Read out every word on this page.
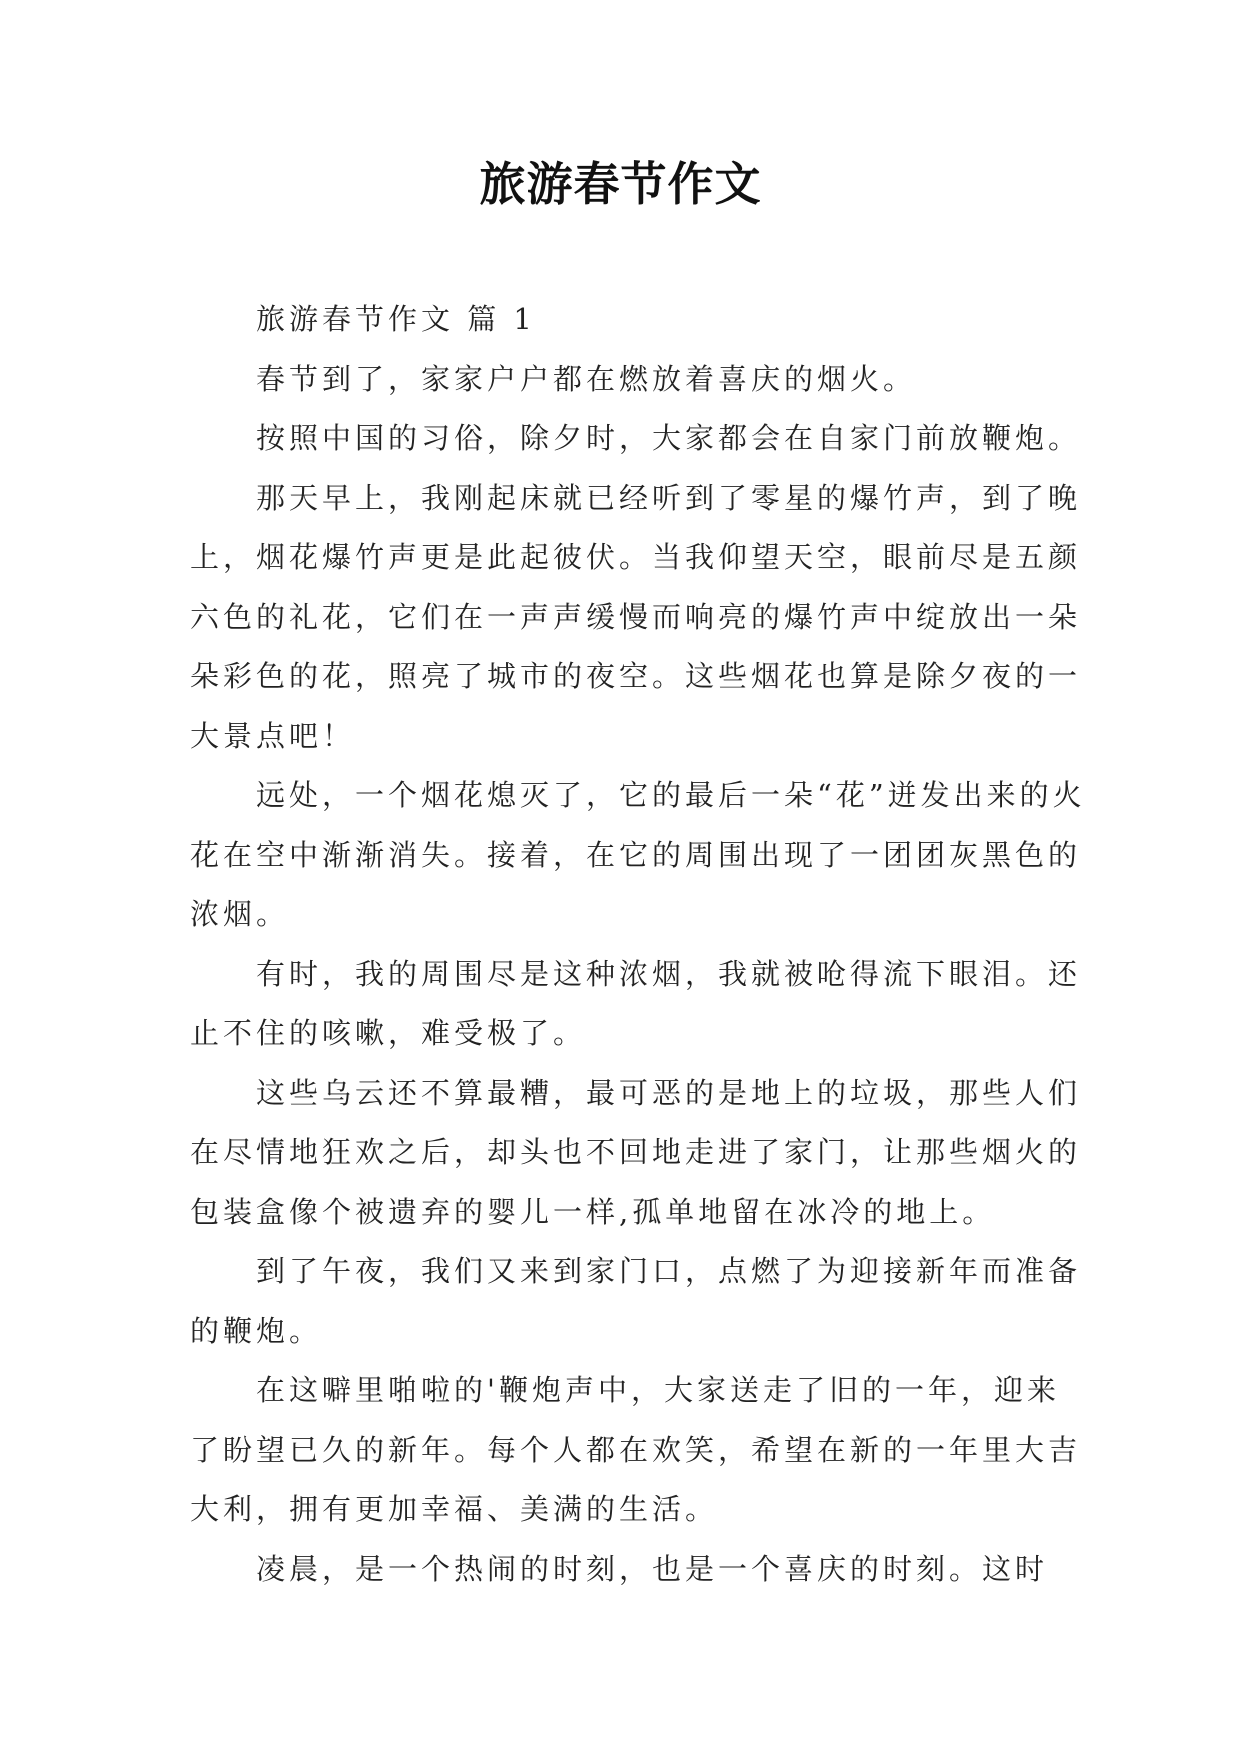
旅游春节作文

旅游春节作文 篇 1

春节到了，家家户户都在燃放着喜庆的烟火。

按照中国的习俗，除夕时，大家都会在自家门前放鞭炮。

那天早上，我刚起床就已经听到了零星的爆竹声，到了晚上，烟花爆竹声更是此起彼伏。当我仰望天空，眼前尽是五颜六色的礼花，它们在一声声缓慢而响亮的爆竹声中绽放出一朵朵彩色的花，照亮了城市的夜空。这些烟花也算是除夕夜的一大景点吧！

远处，一个烟花熄灭了，它的最后一朵“花”迸发出来的火花在空中渐渐消失。接着，在它的周围出现了一团团灰黑色的浓烟。

有时，我的周围尽是这种浓烟，我就被呛得流下眼泪。还止不住的咳嗽，难受极了。

这些乌云还不算最糟，最可恶的是地上的垃圾，那些人们在尽情地狂欢之后，却头也不回地走进了家门，让那些烟火的包装盒像个被遗弃的婴儿一样,孤单地留在冰冷的地上。

到了午夜，我们又来到家门口，点燃了为迎接新年而准备的鞭炮。

在这噼里啪啦的'鞭炮声中，大家送走了旧的一年，迎来了盼望已久的新年。每个人都在欢笑，希望在新的一年里大吉大利，拥有更加幸福、美满的生活。

凌晨，是一个热闹的时刻，也是一个喜庆的时刻。这时
